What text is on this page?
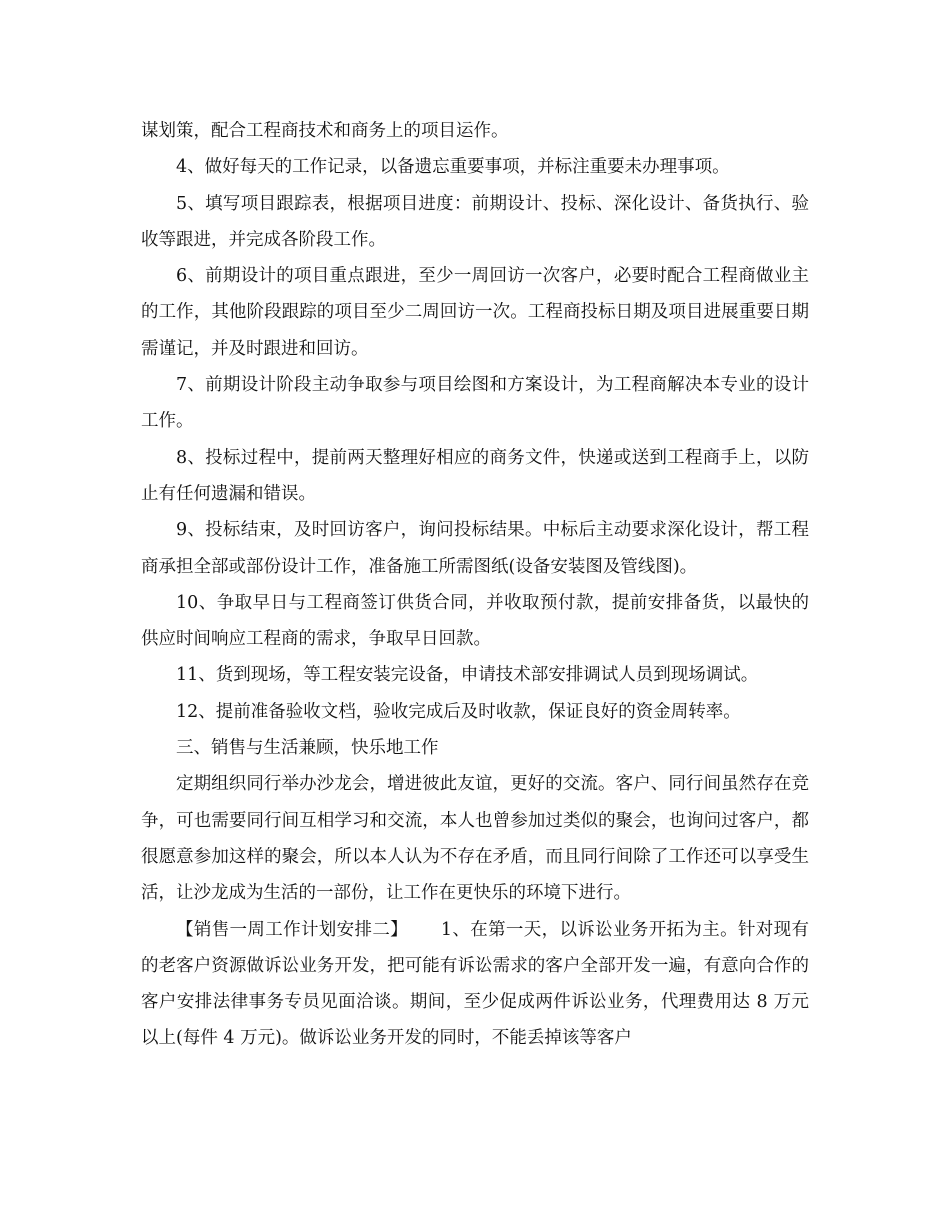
谋划策，配合工程商技术和商务上的项目运作。

4、做好每天的工作记录，以备遗忘重要事项，并标注重要未办理事项。

5、填写项目跟踪表，根据项目进度：前期设计、投标、深化设计、备货执行、验收等跟进，并完成各阶段工作。

6、前期设计的项目重点跟进，至少一周回访一次客户，必要时配合工程商做业主的工作，其他阶段跟踪的项目至少二周回访一次。工程商投标日期及项目进展重要日期需谨记，并及时跟进和回访。

7、前期设计阶段主动争取参与项目绘图和方案设计，为工程商解决本专业的设计工作。

8、投标过程中，提前两天整理好相应的商务文件，快递或送到工程商手上，以防止有任何遗漏和错误。

9、投标结束，及时回访客户，询问投标结果。中标后主动要求深化设计，帮工程商承担全部或部份设计工作，准备施工所需图纸(设备安装图及管线图)。

10、争取早日与工程商签订供货合同，并收取预付款，提前安排备货，以最快的供应时间响应工程商的需求，争取早日回款。

11、货到现场，等工程安装完设备，申请技术部安排调试人员到现场调试。

12、提前准备验收文档，验收完成后及时收款，保证良好的资金周转率。

三、销售与生活兼顾，快乐地工作

定期组织同行举办沙龙会，增进彼此友谊，更好的交流。客户、同行间虽然存在竞争，可也需要同行间互相学习和交流，本人也曾参加过类似的聚会，也询问过客户，都很愿意参加这样的聚会，所以本人认为不存在矛盾，而且同行间除了工作还可以享受生活，让沙龙成为生活的一部份，让工作在更快乐的环境下进行。

【销售一周工作计划安排二】　　 1、在第一天，以诉讼业务开拓为主。针对现有的老客户资源做诉讼业务开发，把可能有诉讼需求的客户全部开发一遍，有意向合作的客户安排法律事务专员见面洽谈。期间，至少促成两件诉讼业务，代理费用达 8 万元以上(每件 4 万元)。做诉讼业务开发的同时，不能丢掉该等客户
